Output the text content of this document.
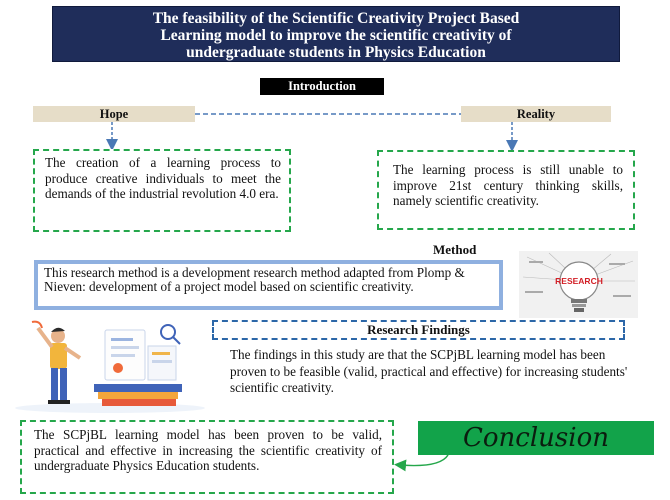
The feasibility of the Scientific Creativity Project Based
Learning model to improve the scientific creativity of
undergraduate students in Physics Education
Introduction
Hope	Reality
The creation of a learning process to produce creative individuals to meet the demands of the industrial revolution 4.0 era.
The learning process is still unable to improve 21st century thinking skills, namely scientific creativity.
Method
This research method is a development research method adapted from Plomp & Nieven: development of a project model based on scientific creativity.	RESEARCH
Research Findings
The findings in this study are that the SCPjBL learning model has been proven to be feasible (valid, practical and effective) for increasing students' scientific creativity.
The SCPjBL learning model has been proven to be valid, practical and effective in increasing the scientific creativity of undergraduate Physics Education students.
Conclusion
